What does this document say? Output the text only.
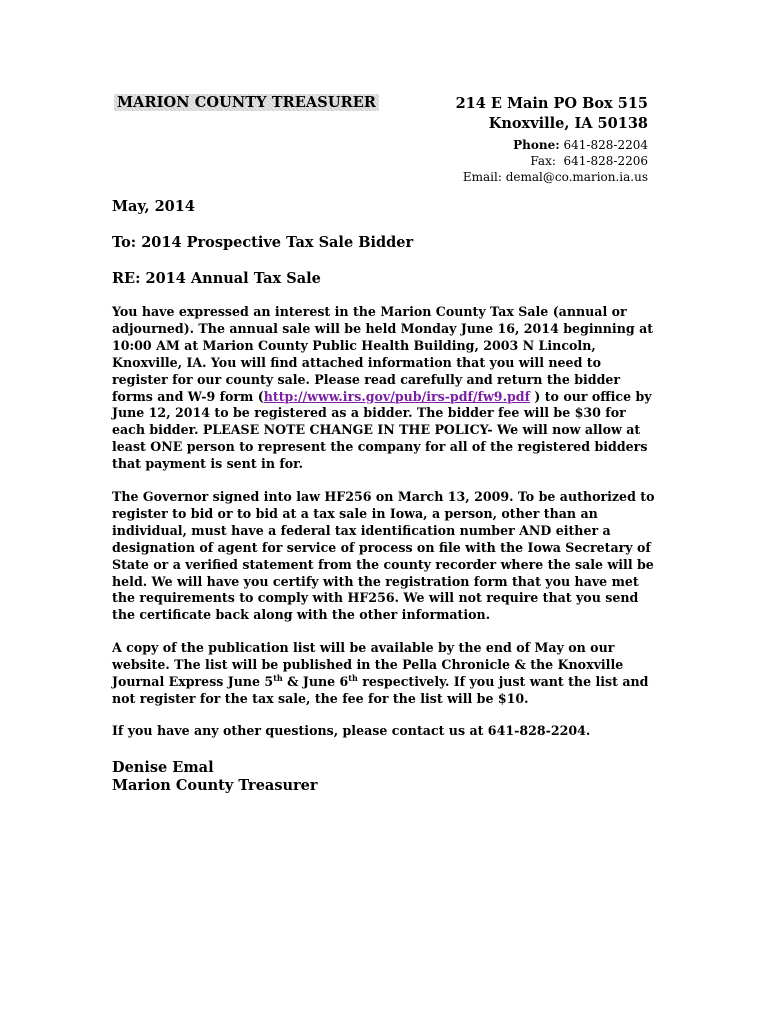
MARION COUNTY TREASURER	214 E Main PO Box 515
Knoxville, IA 50138
Phone: 641-828-2204
Fax: 641-828-2206
Email: demal@co.marion.ia.us

May, 2014

To: 2014 Prospective Tax Sale Bidder

RE: 2014 Annual Tax Sale

You have expressed an interest in the Marion County Tax Sale (annual or adjourned). The annual sale will be held Monday June 16, 2014 beginning at 10:00 AM at Marion County Public Health Building, 2003 N Lincoln, Knoxville, IA. You will find attached information that you will need to register for our county sale. Please read carefully and return the bidder forms and W-9 form (http://www.irs.gov/pub/irs-pdf/fw9.pdf ) to our office by June 12, 2014 to be registered as a bidder. The bidder fee will be $30 for each bidder. PLEASE NOTE CHANGE IN THE POLICY- We will now allow at least ONE person to represent the company for all of the registered bidders that payment is sent in for.

The Governor signed into law HF256 on March 13, 2009. To be authorized to register to bid or to bid at a tax sale in Iowa, a person, other than an individual, must have a federal tax identification number AND either a designation of agent for service of process on file with the Iowa Secretary of State or a verified statement from the county recorder where the sale will be held. We will have you certify with the registration form that you have met the requirements to comply with HF256. We will not require that you send the certificate back along with the other information.

A copy of the publication list will be available by the end of May on our website. The list will be published in the Pella Chronicle & the Knoxville Journal Express June 5th & June 6th respectively. If you just want the list and not register for the tax sale, the fee for the list will be $10.

If you have any other questions, please contact us at 641-828-2204.

Denise Emal

Marion County Treasurer
